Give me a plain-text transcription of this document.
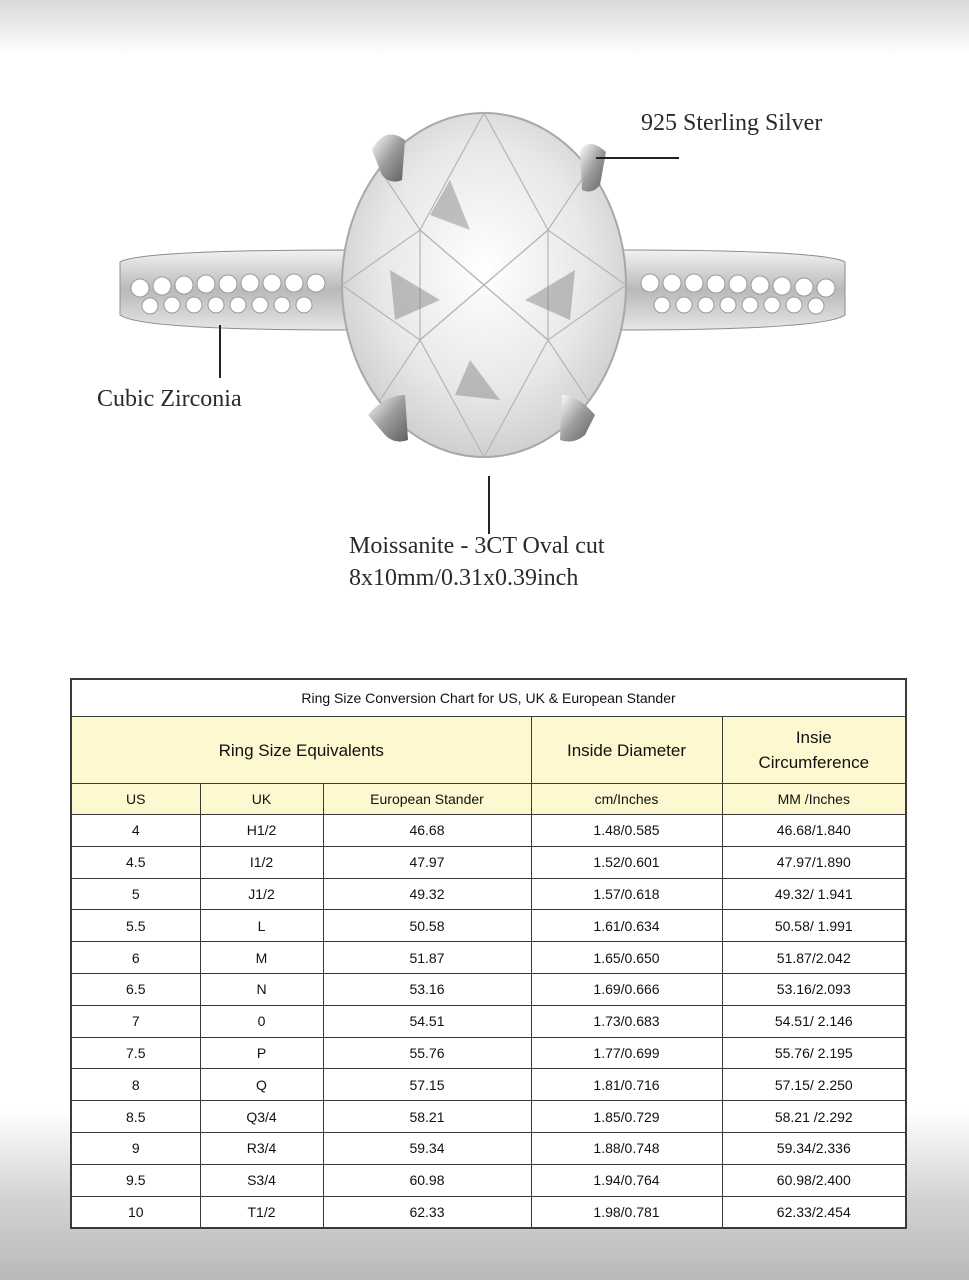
925 Sterling Silver
Cubic Zirconia
Moissanite - 3CT Oval cut
8x10mm/0.31x0.39inch
Ring Size Conversion Chart for US, UK & European Stander				
Ring Size Equivalents			Inside Diameter	Insie
Circumference

US	UK	European Stander	cm/Inches	MM /Inches
4	H1/2	46.68	1.48/0.585	46.68/1.840
4.5	I1/2	47.97	1.52/0.601	47.97/1.890
5	J1/2	49.32	1.57/0.618	49.32/ 1.941
5.5	L	50.58	1.61/0.634	50.58/ 1.991
6	M	51.87	1.65/0.650	51.87/2.042
6.5	N	53.16	1.69/0.666	53.16/2.093
7	0	54.51	1.73/0.683	54.51/ 2.146
7.5	P	55.76	1.77/0.699	55.76/ 2.195
8	Q	57.15	1.81/0.716	57.15/ 2.250
8.5	Q3/4	58.21	1.85/0.729	58.21 /2.292
9	R3/4	59.34	1.88/0.748	59.34/2.336
9.5	S3/4	60.98	1.94/0.764	60.98/2.400
10	T1/2	62.33	1.98/0.781	62.33/2.454
